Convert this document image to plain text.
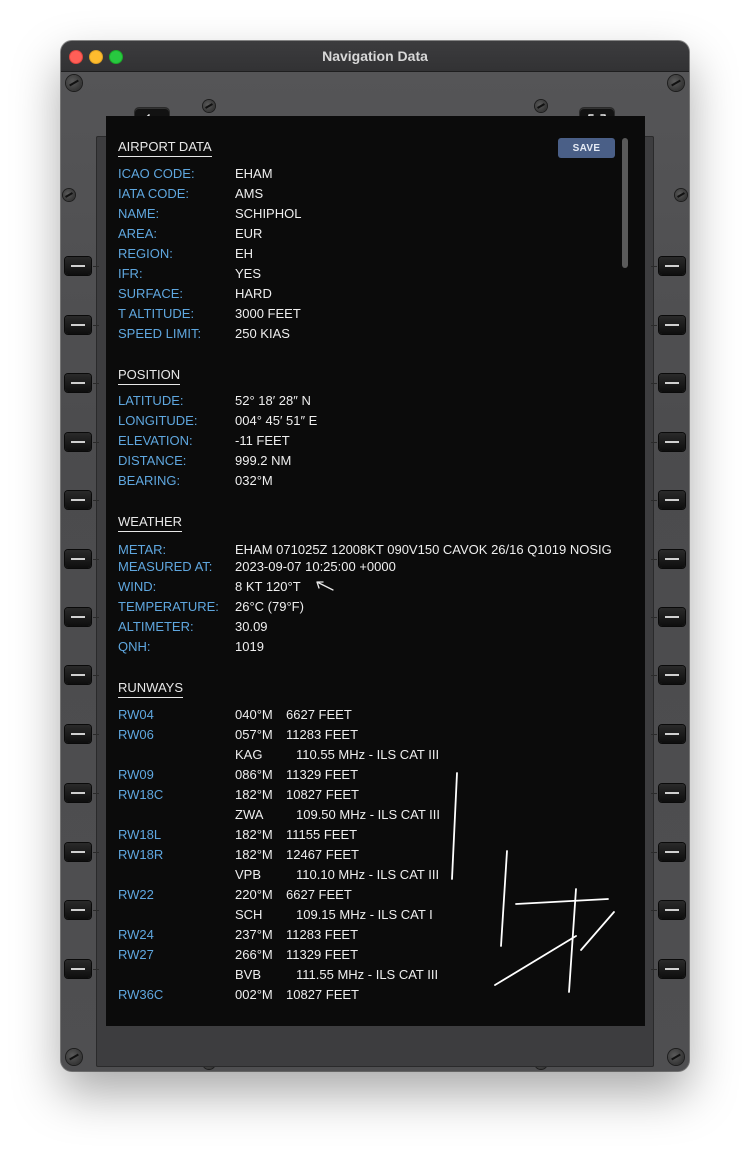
Navigation Data
SAVE
AIRPORT DATA
ICAO CODE:	EHAM
IATA CODE:	AMS
NAME:	SCHIPHOL
AREA:	EUR
REGION:	EH
IFR:	YES
SURFACE:	HARD
T ALTITUDE:	3000 FEET
SPEED LIMIT:	250 KIAS
POSITION
LATITUDE:	52° 18′ 28″ N
LONGITUDE:	004° 45′ 51″ E
ELEVATION:	-11 FEET
DISTANCE:	999.2 NM
BEARING:	032°M
WEATHER
METAR:	EHAM 071025Z 12008KT 090V150 CAVOK 26/16 Q1019 NOSIG
MEASURED AT: 2023-09-07 10:25:00 +0000
WIND:	8 KT 120°T
TEMPERATURE: 26°C (79°F)
ALTIMETER:	30.09
QNH:	1019
RUNWAYS
RW04	040°M 6627 FEET
RW06	057°M 11283 FEET
KAG	110.55 MHz - ILS CAT III
RW09	086°M 11329 FEET
RW18C	182°M 10827 FEET
ZWA	109.50 MHz - ILS CAT III
RW18L	182°M 11155 FEET
RW18R	182°M 12467 FEET
VPB	110.10 MHz - ILS CAT III
RW22	220°M 6627 FEET
SCH	109.15 MHz - ILS CAT I
RW24	237°M 11283 FEET
RW27	266°M 11329 FEET
BVB	111.55 MHz - ILS CAT III
RW36C	002°M 10827 FEET
